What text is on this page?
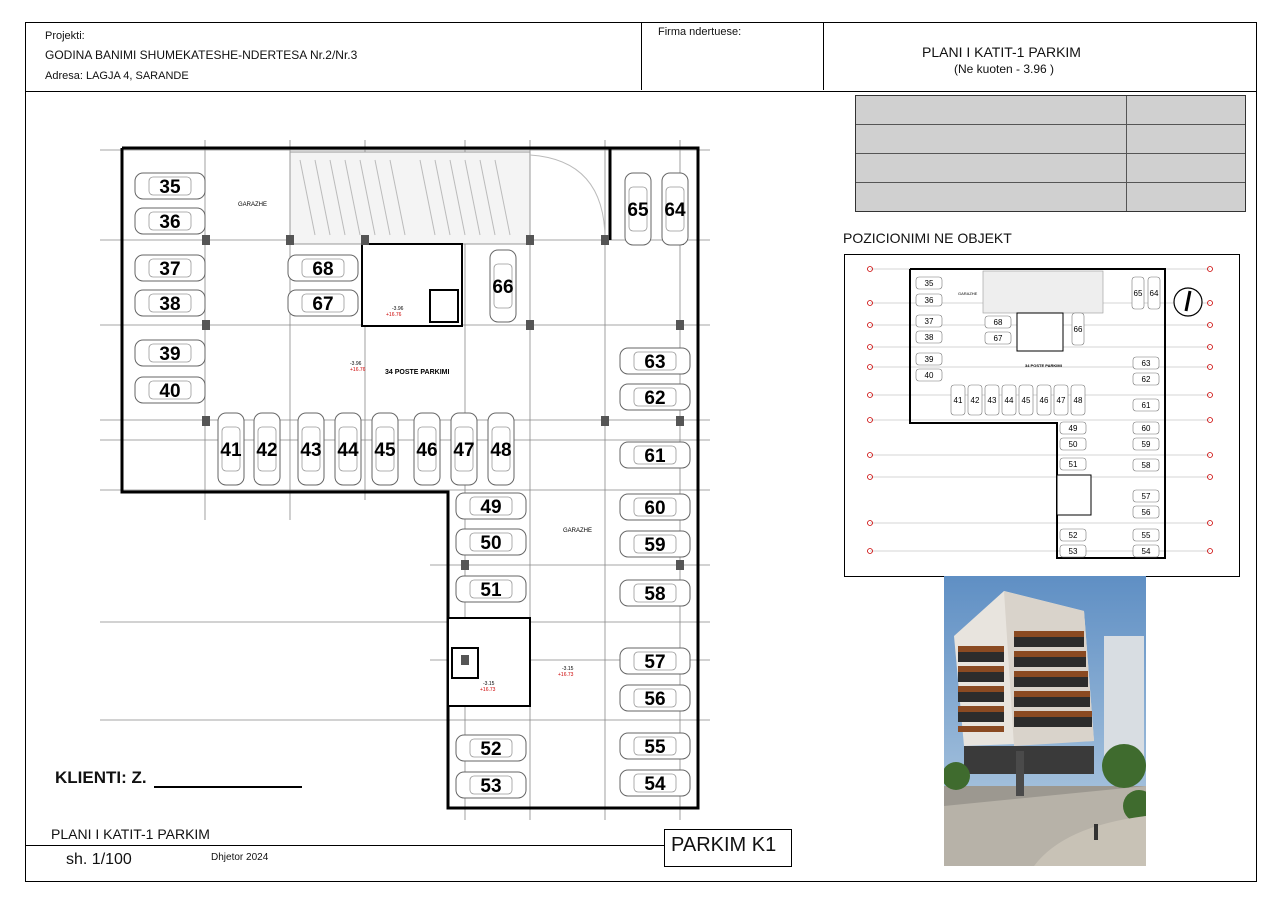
Projekti:
GODINA BANIMI SHUMEKATESHE-NDERTESA Nr.2/Nr.3
Adresa: LAGJA 4, SARANDE
Firma ndertuese:
PLANI I KATIT-1 PARKIM
(Ne kuoten - 3.96 )
POZICIONIMI NE OBJEKT
GARAZHE
GARAZHE
34 POSTE PARKIMI
-3.96
+16.76
-3.96
+16.76
-3.15
+16.73
-3.15
+16.73
35
36
37
38
39
40
41 42 43 44 45 46 47 48
49
50
51
52
53	54
55
56
57
58
59
60
61
62
63
64
65
66
67
68
GARAZHE
34 POSTE PARKIMI
35
36
37
38
39
40
41 42 43 44 45 46 47 48
49
50
51
52
53	54
55
56
57
58
59
60
61
62
63
64
65
66
67
68
KLIENTI: Z.
PLANI I KATIT-1 PARKIM
sh. 1/100	Dhjetor 2024
PARKIM K1
